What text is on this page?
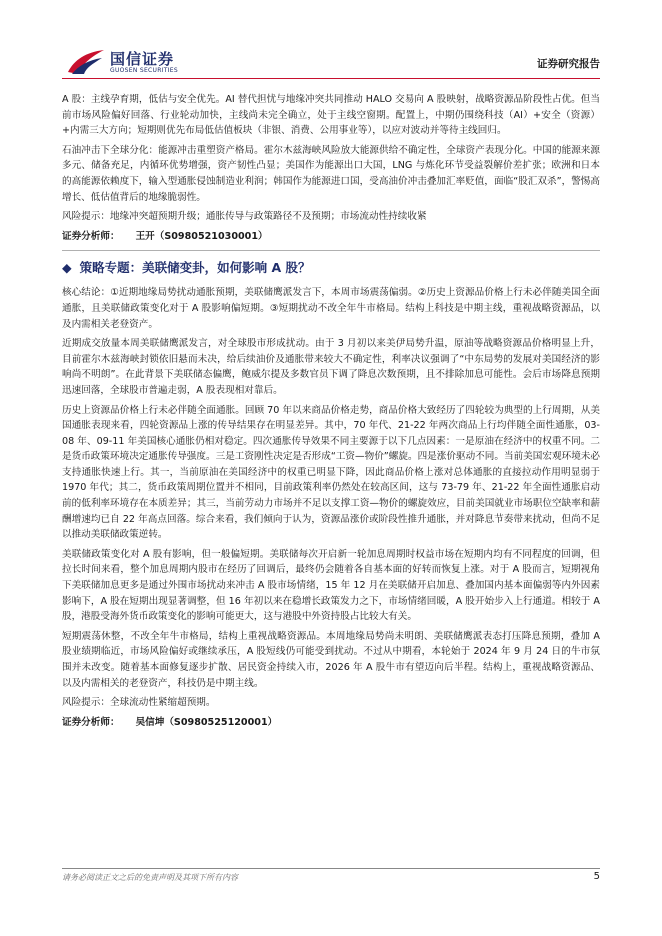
国信证券
GUOSEN SECURITIES
证券研究报告

A 股：主线孕育期，低估与安全优先。AI 替代担忧与地缘冲突共同推动 HALO 交易向 A 股映射，战略资源品阶段性占优。但当前市场风险偏好回落、行业轮动加快，主线尚未完全确立，处于主线空窗期。配置上，中期仍围绕科技（AI）+安全（资源）+内需三大方向；短期则优先布局低估值板块（非银、消费、公用事业等），以应对波动并等待主线回归。

石油冲击下全球分化：能源冲击重塑资产格局。霍尔木兹海峡风险放大能源供给不确定性，全球资产表现分化。中国的能源来源多元、储备充足，内循环优势增强，资产韧性凸显；美国作为能源出口大国，LNG 与炼化环节受益裂解价差扩张；欧洲和日本的高能源依赖度下，输入型通胀侵蚀制造业利润；韩国作为能源进口国，受高油价冲击叠加汇率贬值，面临“股汇双杀”，警惕高增长、低估值背后的地缘脆弱性。

风险提示：地缘冲突超预期升级；通胀传导与政策路径不及预期；市场流动性持续收紧

证券分析师： 王开（S0980521030001）

◆ 策略专题：美联储变卦，如何影响 A 股？

核心结论：①近期地缘局势扰动通胀预期，美联储鹰派发言下，本周市场震荡偏弱。②历史上资源品价格上行未必伴随美国全面通胀，且美联储政策变化对于 A 股影响偏短期。③短期扰动不改全年牛市格局。结构上科技是中期主线，重视战略资源品，以及内需相关老登资产。

近期成交放量本周美联储鹰派发言，对全球股市形成扰动。由于 3 月初以来美伊局势升温，原油等战略资源品价格明显上升，目前霍尔木兹海峡封锁依旧悬而未决，给后续油价及通胀带来较大不确定性，利率决议强调了“中东局势的发展对美国经济的影响尚不明朗”。在此背景下美联储态偏鹰，鲍威尔提及多数官员下调了降息次数预期，且不排除加息可能性。会后市场降息预期迅速回落，全球股市普遍走弱，A 股表现相对靠后。

历史上资源品价格上行未必伴随全面通胀。回顾 70 年以来商品价格走势，商品价格大致经历了四轮较为典型的上行周期，从美国通胀表现来看，四轮资源品上涨的传导结果存在明显差异。其中，70 年代、21-22 年两次商品上行均伴随全面性通胀，03-08 年、09-11 年美国核心通胀仍相对稳定。四次通胀传导效果不同主要源于以下几点因素：一是原油在经济中的权重不同。二是货币政策环境决定通胀传导强度。三是工资刚性决定是否形成“工资—物价”螺旋。四是涨价驱动不同。当前美国宏观环境未必支持通胀快速上行。其一，当前原油在美国经济中的权重已明显下降，因此商品价格上涨对总体通胀的直接拉动作用明显弱于 1970 年代；其二，货币政策周期位置并不相同，目前政策利率仍然处在较高区间，这与 73-79 年、21-22 年全面性通胀启动前的低利率环境存在本质差异；其三，当前劳动力市场并不足以支撑工资—物价的螺旋效应，目前美国就业市场职位空缺率和薪酬增速均已自 22 年高点回落。综合来看，我们倾向于认为，资源品涨价或阶段性推升通胀，并对降息节奏带来扰动，但尚不足以推动美联储政策逆转。

美联储政策变化对 A 股有影响，但一般偏短期。美联储每次开启新一轮加息周期时权益市场在短期内均有不同程度的回调，但拉长时间来看，整个加息周期内股市在经历了回调后，最终仍会随着各自基本面的好转而恢复上涨。对于 A 股而言，短期视角下美联储加息更多是通过外围市场扰动来冲击 A 股市场情绪，15 年 12 月在美联储开启加息、叠加国内基本面偏弱等内外因素影响下，A 股在短期出现显著调整，但 16 年初以来在稳增长政策发力之下，市场情绪回暖，A 股开始步入上行通道。相较于 A 股，港股受海外货币政策变化的影响可能更大，这与港股中外资持股占比较大有关。

短期震荡休整，不改全年牛市格局，结构上重视战略资源品。本周地缘局势尚未明朗、美联储鹰派表态打压降息预期，叠加 A 股业绩期临近，市场风险偏好或继续承压，A 股短线仍可能受到扰动。不过从中期看，本轮始于 2024 年 9 月 24 日的牛市氛围并未改变。随着基本面修复逐步扩散、居民资金持续入市，2026 年 A 股牛市有望迈向后半程。结构上，重视战略资源品、以及内需相关的老登资产，科技仍是中期主线。

风险提示：全球流动性紧缩超预期。

证券分析师： 吴信坤（S0980525120001）

请务必阅读正文之后的免责声明及其项下所有内容	5
